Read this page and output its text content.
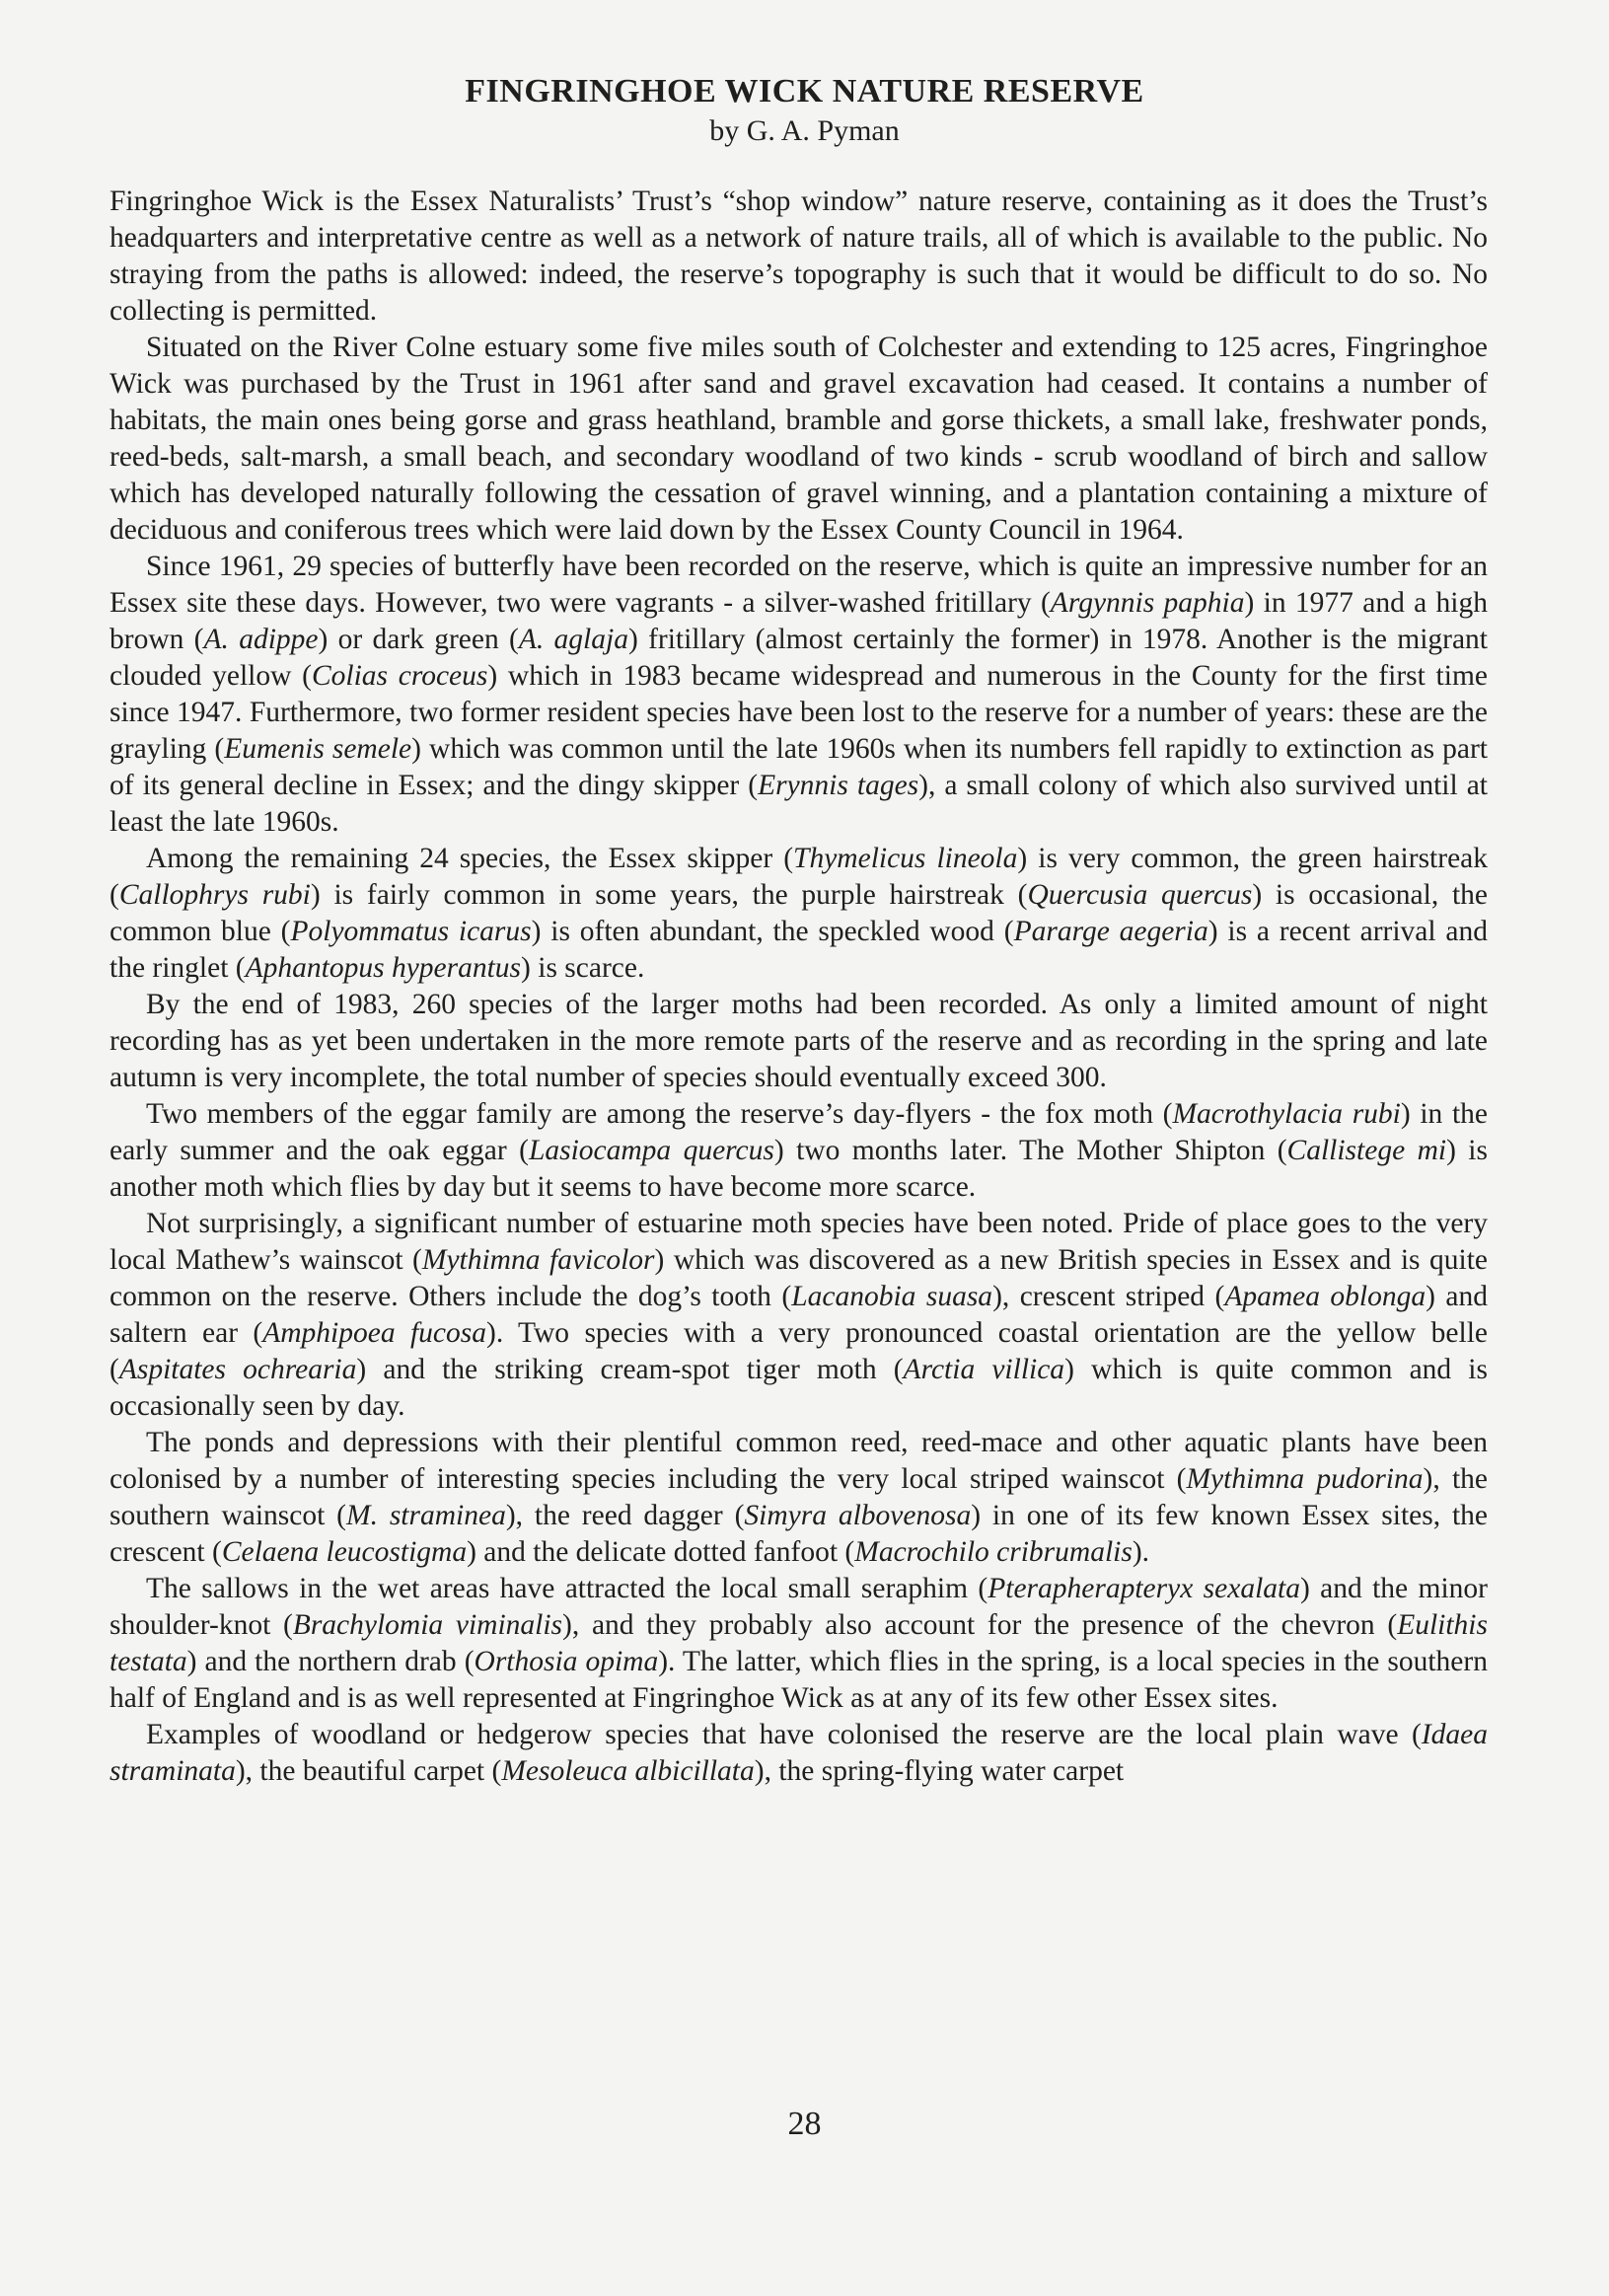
FINGRINGHOE WICK NATURE RESERVE
by G. A. Pyman

Fingringhoe Wick is the Essex Naturalists’ Trust’s “shop window” nature reserve, containing as it does the Trust’s headquarters and interpretative centre as well as a network of nature trails, all of which is available to the public. No straying from the paths is allowed: indeed, the reserve’s topography is such that it would be difficult to do so. No collecting is permitted.

Situated on the River Colne estuary some five miles south of Colchester and extending to 125 acres, Fingringhoe Wick was purchased by the Trust in 1961 after sand and gravel excavation had ceased. It contains a number of habitats, the main ones being gorse and grass heathland, bramble and gorse thickets, a small lake, freshwater ponds, reed-beds, salt-marsh, a small beach, and secondary woodland of two kinds - scrub woodland of birch and sallow which has developed naturally following the cessation of gravel winning, and a plantation containing a mixture of deciduous and coniferous trees which were laid down by the Essex County Council in 1964.

Since 1961, 29 species of butterfly have been recorded on the reserve, which is quite an impressive number for an Essex site these days. However, two were vagrants - a silver-washed fritillary (Argynnis paphia) in 1977 and a high brown (A. adippe) or dark green (A. aglaja) fritillary (almost certainly the former) in 1978. Another is the migrant clouded yellow (Colias croceus) which in 1983 became widespread and numerous in the County for the first time since 1947. Furthermore, two former resident species have been lost to the reserve for a number of years: these are the grayling (Eumenis semele) which was common until the late 1960s when its numbers fell rapidly to extinction as part of its general decline in Essex; and the dingy skipper (Erynnis tages), a small colony of which also survived until at least the late 1960s.

Among the remaining 24 species, the Essex skipper (Thymelicus lineola) is very common, the green hairstreak (Callophrys rubi) is fairly common in some years, the purple hairstreak (Quercusia quercus) is occasional, the common blue (Polyommatus icarus) is often abundant, the speckled wood (Pararge aegeria) is a recent arrival and the ringlet (Aphantopus hyperantus) is scarce.

By the end of 1983, 260 species of the larger moths had been recorded. As only a limited amount of night recording has as yet been undertaken in the more remote parts of the reserve and as recording in the spring and late autumn is very incomplete, the total number of species should eventually exceed 300.

Two members of the eggar family are among the reserve’s day-flyers - the fox moth (Macrothylacia rubi) in the early summer and the oak eggar (Lasiocampa quercus) two months later. The Mother Shipton (Callistege mi) is another moth which flies by day but it seems to have become more scarce.

Not surprisingly, a significant number of estuarine moth species have been noted. Pride of place goes to the very local Mathew’s wainscot (Mythimna favicolor) which was discovered as a new British species in Essex and is quite common on the reserve. Others include the dog’s tooth (Lacanobia suasa), crescent striped (Apamea oblonga) and saltern ear (Amphipoea fucosa). Two species with a very pronounced coastal orientation are the yellow belle (Aspitates ochrearia) and the striking cream-spot tiger moth (Arctia villica) which is quite common and is occasionally seen by day.

The ponds and depressions with their plentiful common reed, reed-mace and other aquatic plants have been colonised by a number of interesting species including the very local striped wainscot (Mythimna pudorina), the southern wainscot (M. straminea), the reed dagger (Simyra albovenosa) in one of its few known Essex sites, the crescent (Celaena leucostigma) and the delicate dotted fanfoot (Macrochilo cribrumalis).

The sallows in the wet areas have attracted the local small seraphim (Pterapherapteryx sexalata) and the minor shoulder-knot (Brachylomia viminalis), and they probably also account for the presence of the chevron (Eulithis testata) and the northern drab (Orthosia opima). The latter, which flies in the spring, is a local species in the southern half of England and is as well represented at Fingringhoe Wick as at any of its few other Essex sites.

Examples of woodland or hedgerow species that have colonised the reserve are the local plain wave (Idaea straminata), the beautiful carpet (Mesoleuca albicillata), the spring-flying water carpet

28
